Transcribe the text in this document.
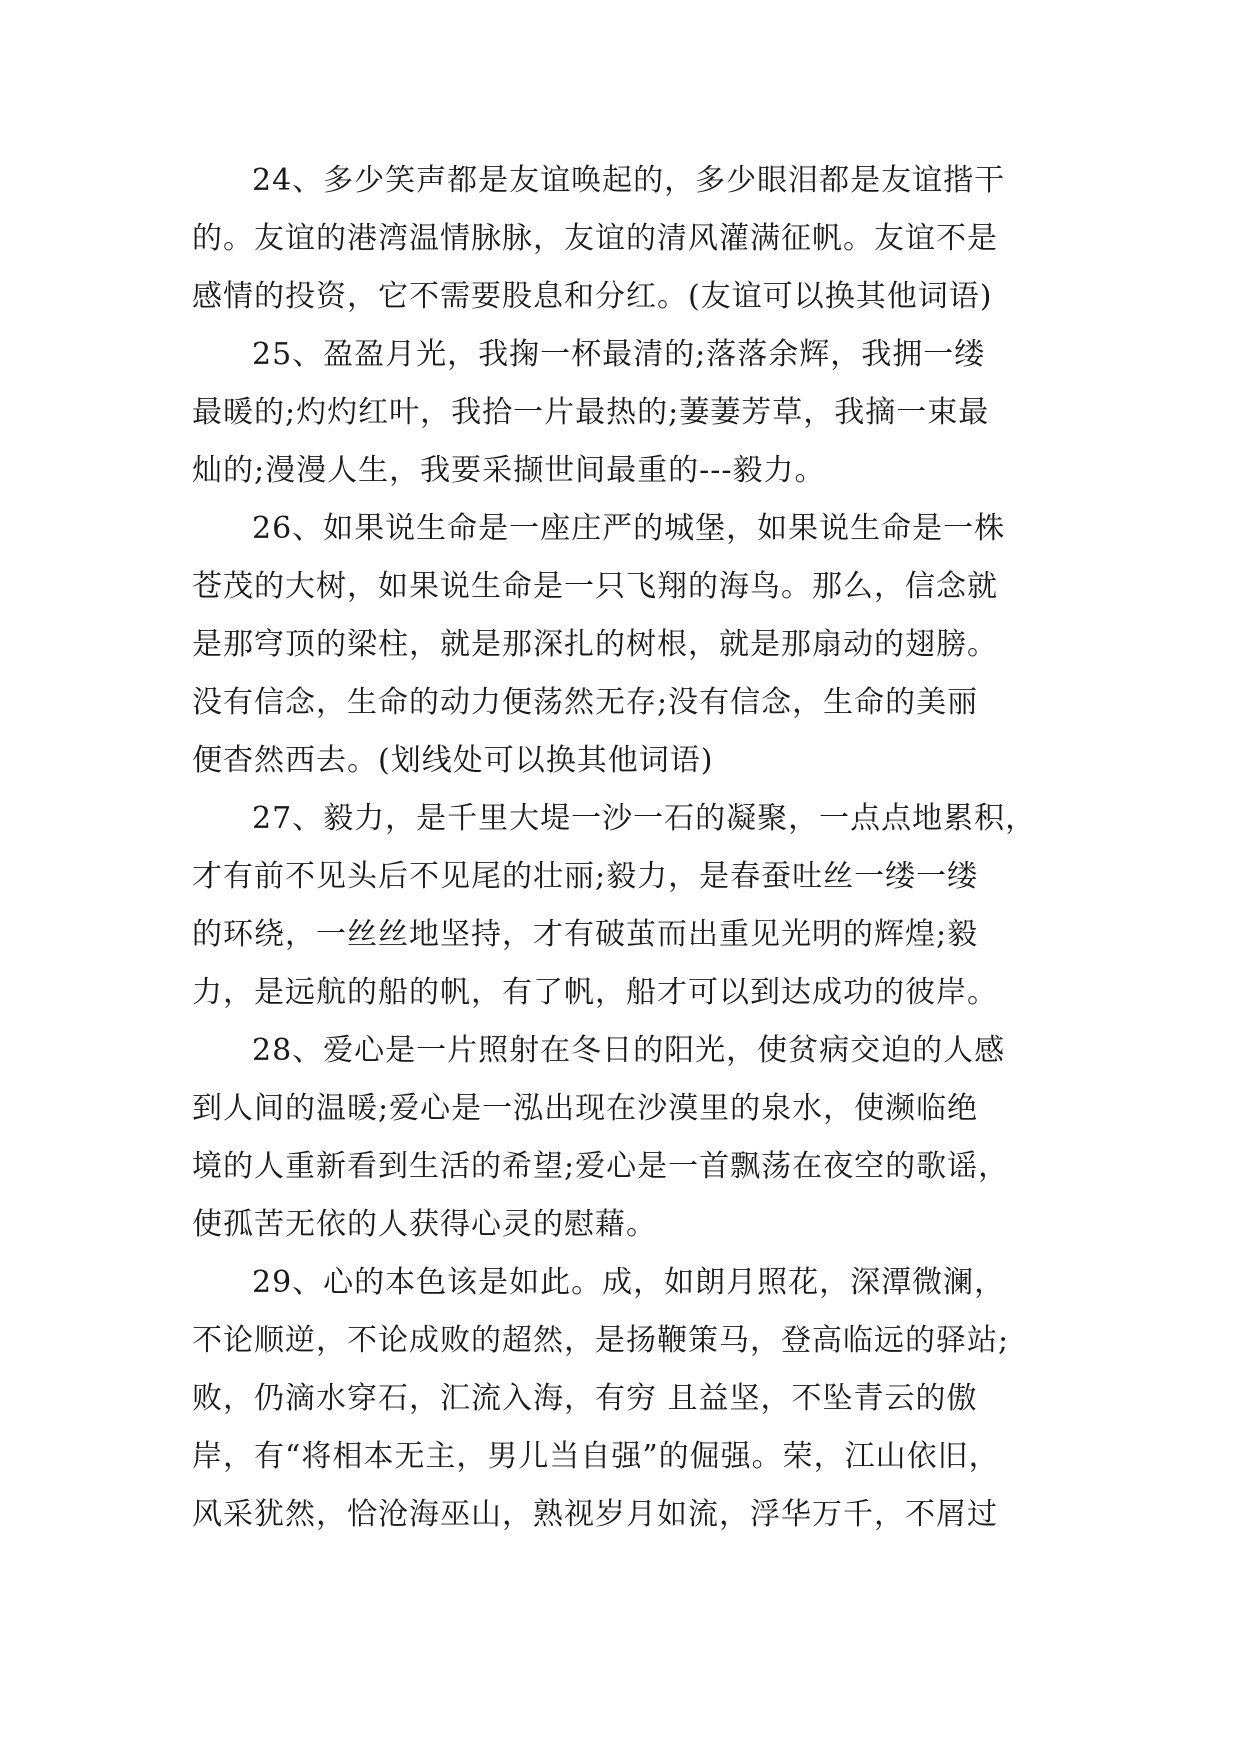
24、多少笑声都是友谊唤起的，多少眼泪都是友谊揩干
的。友谊的港湾温情脉脉，友谊的清风灌满征帆。友谊不是
感情的投资，它不需要股息和分红。(友谊可以换其他词语)
25、盈盈月光，我掬一杯最清的;落落余辉，我拥一缕
最暖的;灼灼红叶，我拾一片最热的;萋萋芳草，我摘一束最
灿的;漫漫人生，我要采撷世间最重的---毅力。
26、如果说生命是一座庄严的城堡，如果说生命是一株
苍茂的大树，如果说生命是一只飞翔的海鸟。那么，信念就
是那穹顶的梁柱，就是那深扎的树根，就是那扇动的翅膀。
没有信念，生命的动力便荡然无存;没有信念，生命的美丽
便杳然西去。(划线处可以换其他词语)
27、毅力，是千里大堤一沙一石的凝聚，一点点地累积，
才有前不见头后不见尾的壮丽;毅力，是春蚕吐丝一缕一缕
的环绕，一丝丝地坚持，才有破茧而出重见光明的辉煌;毅
力，是远航的船的帆，有了帆，船才可以到达成功的彼岸。
28、爱心是一片照射在冬日的阳光，使贫病交迫的人感
到人间的温暖;爱心是一泓出现在沙漠里的泉水，使濒临绝
境的人重新看到生活的希望;爱心是一首飘荡在夜空的歌谣，
使孤苦无依的人获得心灵的慰藉。
29、心的本色该是如此。成，如朗月照花，深潭微澜，
不论顺逆，不论成败的超然，是扬鞭策马，登高临远的驿站;
败，仍滴水穿石，汇流入海，有穷 且益坚，不坠青云的傲
岸，有“将相本无主，男儿当自强”的倔强。荣，江山依旧，
风采犹然，恰沧海巫山，熟视岁月如流，浮华万千，不屑过
